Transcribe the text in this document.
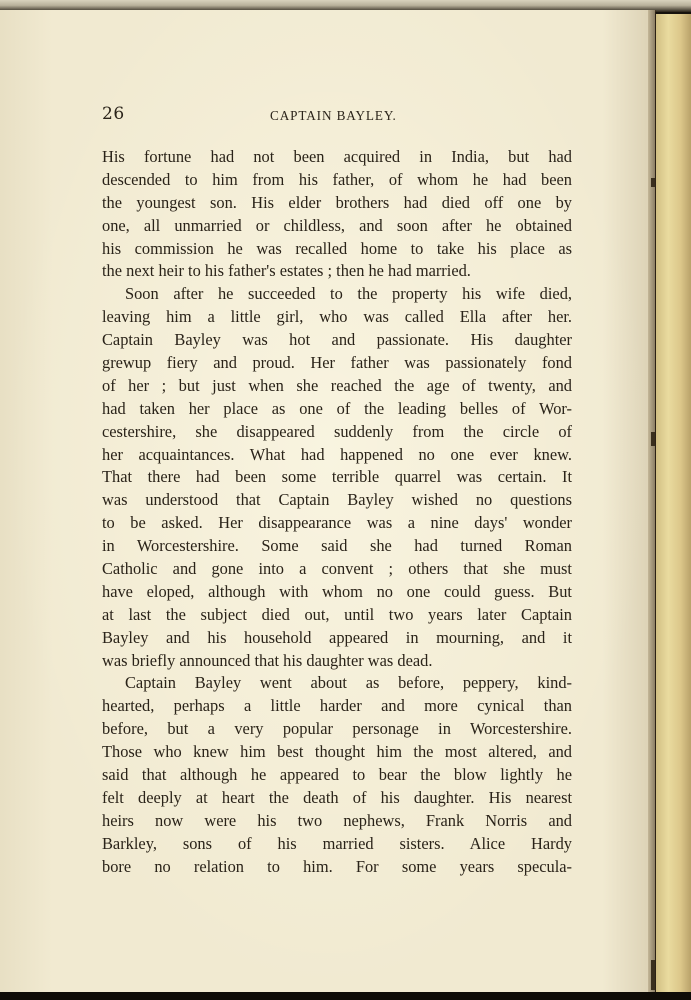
26	CAPTAIN BAYLEY.
His fortune had not been acquired in India, but had
descended to him from his father, of whom he had been
the youngest son. His elder brothers had died off one by
one, all unmarried or childless, and soon after he obtained
his commission he was recalled home to take his place as
the next heir to his father's estates ; then he had married.
Soon after he succeeded to the property his wife died,
leaving him a little girl, who was called Ella after her.
Captain Bayley was hot and passionate. His daughter
grewup fiery and proud. Her father was passionately fond
of her ; but just when she reached the age of twenty, and
had taken her place as one of the leading belles of Wor-
cestershire, she disappeared suddenly from the circle of
her acquaintances. What had happened no one ever knew.
That there had been some terrible quarrel was certain. It
was understood that Captain Bayley wished no questions
to be asked. Her disappearance was a nine days' wonder
in Worcestershire. Some said she had turned Roman
Catholic and gone into a convent ; others that she must
have eloped, although with whom no one could guess. But
at last the subject died out, until two years later Captain
Bayley and his household appeared in mourning, and it
was briefly announced that his daughter was dead.
Captain Bayley went about as before, peppery, kind-
hearted, perhaps a little harder and more cynical than
before, but a very popular personage in Worcestershire.
Those who knew him best thought him the most altered, and
said that although he appeared to bear the blow lightly he
felt deeply at heart the death of his daughter. His nearest
heirs now were his two nephews, Frank Norris and
Barkley, sons of his married sisters. Alice Hardy
bore no relation to him. For some years specula-
